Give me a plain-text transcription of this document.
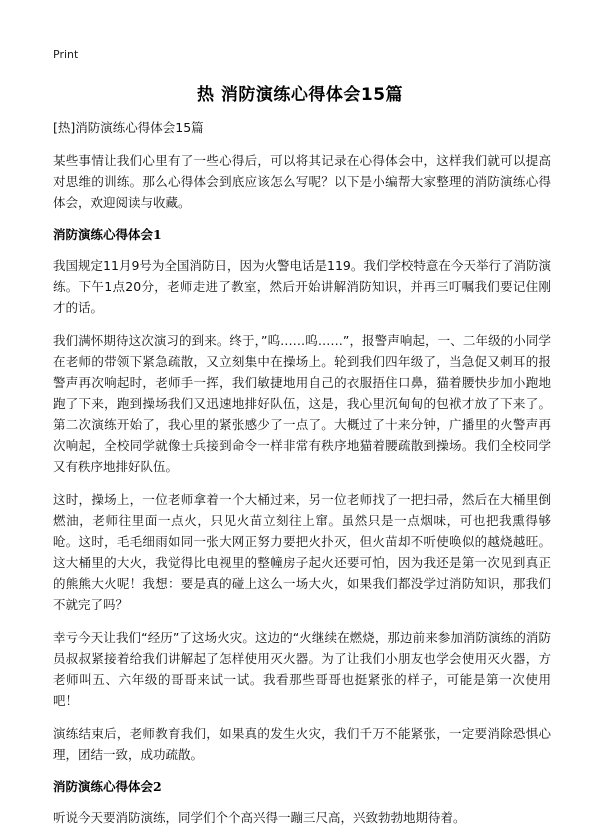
Print
热 消防演练心得体会15篇

[热]消防演练心得体会15篇

某些事情让我们心里有了一些心得后，可以将其记录在心得体会中，这样我们就可以提高对思维的训练。那么心得体会到底应该怎么写呢？以下是小编帮大家整理的消防演练心得体会，欢迎阅读与收藏。

消防演练心得体会1

我国规定11月9号为全国消防日，因为火警电话是119。我们学校特意在今天举行了消防演练。下午1点20分，老师走进了教室，然后开始讲解消防知识，并再三叮嘱我们要记住刚才的话。

我们满怀期待这次演习的到来。终于，”呜……呜……”，报警声响起，一、二年级的小同学在老师的带领下紧急疏散，又立刻集中在操场上。轮到我们四年级了，当急促又刺耳的报警声再次响起时，老师手一挥，我们敏捷地用自己的衣服捂住口鼻，猫着腰快步加小跑地跑了下来，跑到操场我们又迅速地排好队伍，这是，我心里沉甸甸的包袱才放了下来了。第二次演练开始了，我心里的紧张感少了一点了。大概过了十来分钟，广播里的火警声再次响起，全校同学就像士兵接到命令一样非常有秩序地猫着腰疏散到操场。我们全校同学又有秩序地排好队伍。

这时，操场上，一位老师拿着一个大桶过来，另一位老师找了一把扫帚，然后在大桶里倒燃油，老师往里面一点火，只见火苗立刻往上窜。虽然只是一点烟味，可也把我熏得够呛。这时，毛毛细雨如同一张大网正努力要把火扑灭，但火苗却不听使唤似的越烧越旺。这大桶里的大火，我觉得比电视里的整幢房子起火还要可怕，因为我还是第一次见到真正的熊熊大火呢！我想：要是真的碰上这么一场大火，如果我们都没学过消防知识，那我们不就完了吗？

幸亏今天让我们“经历”了这场火灾。这边的“火继续在燃烧，那边前来参加消防演练的消防员叔叔紧接着给我们讲解起了怎样使用灭火器。为了让我们小朋友也学会使用灭火器，方老师叫五、六年级的哥哥来试一试。我看那些哥哥也挺紧张的样子，可能是第一次使用吧！

演练结束后，老师教育我们，如果真的发生火灾，我们千万不能紧张，一定要消除恐惧心理，团结一致，成功疏散。

消防演练心得体会2

听说今天要消防演练，同学们个个高兴得一蹦三尺高，兴致勃勃地期待着。
